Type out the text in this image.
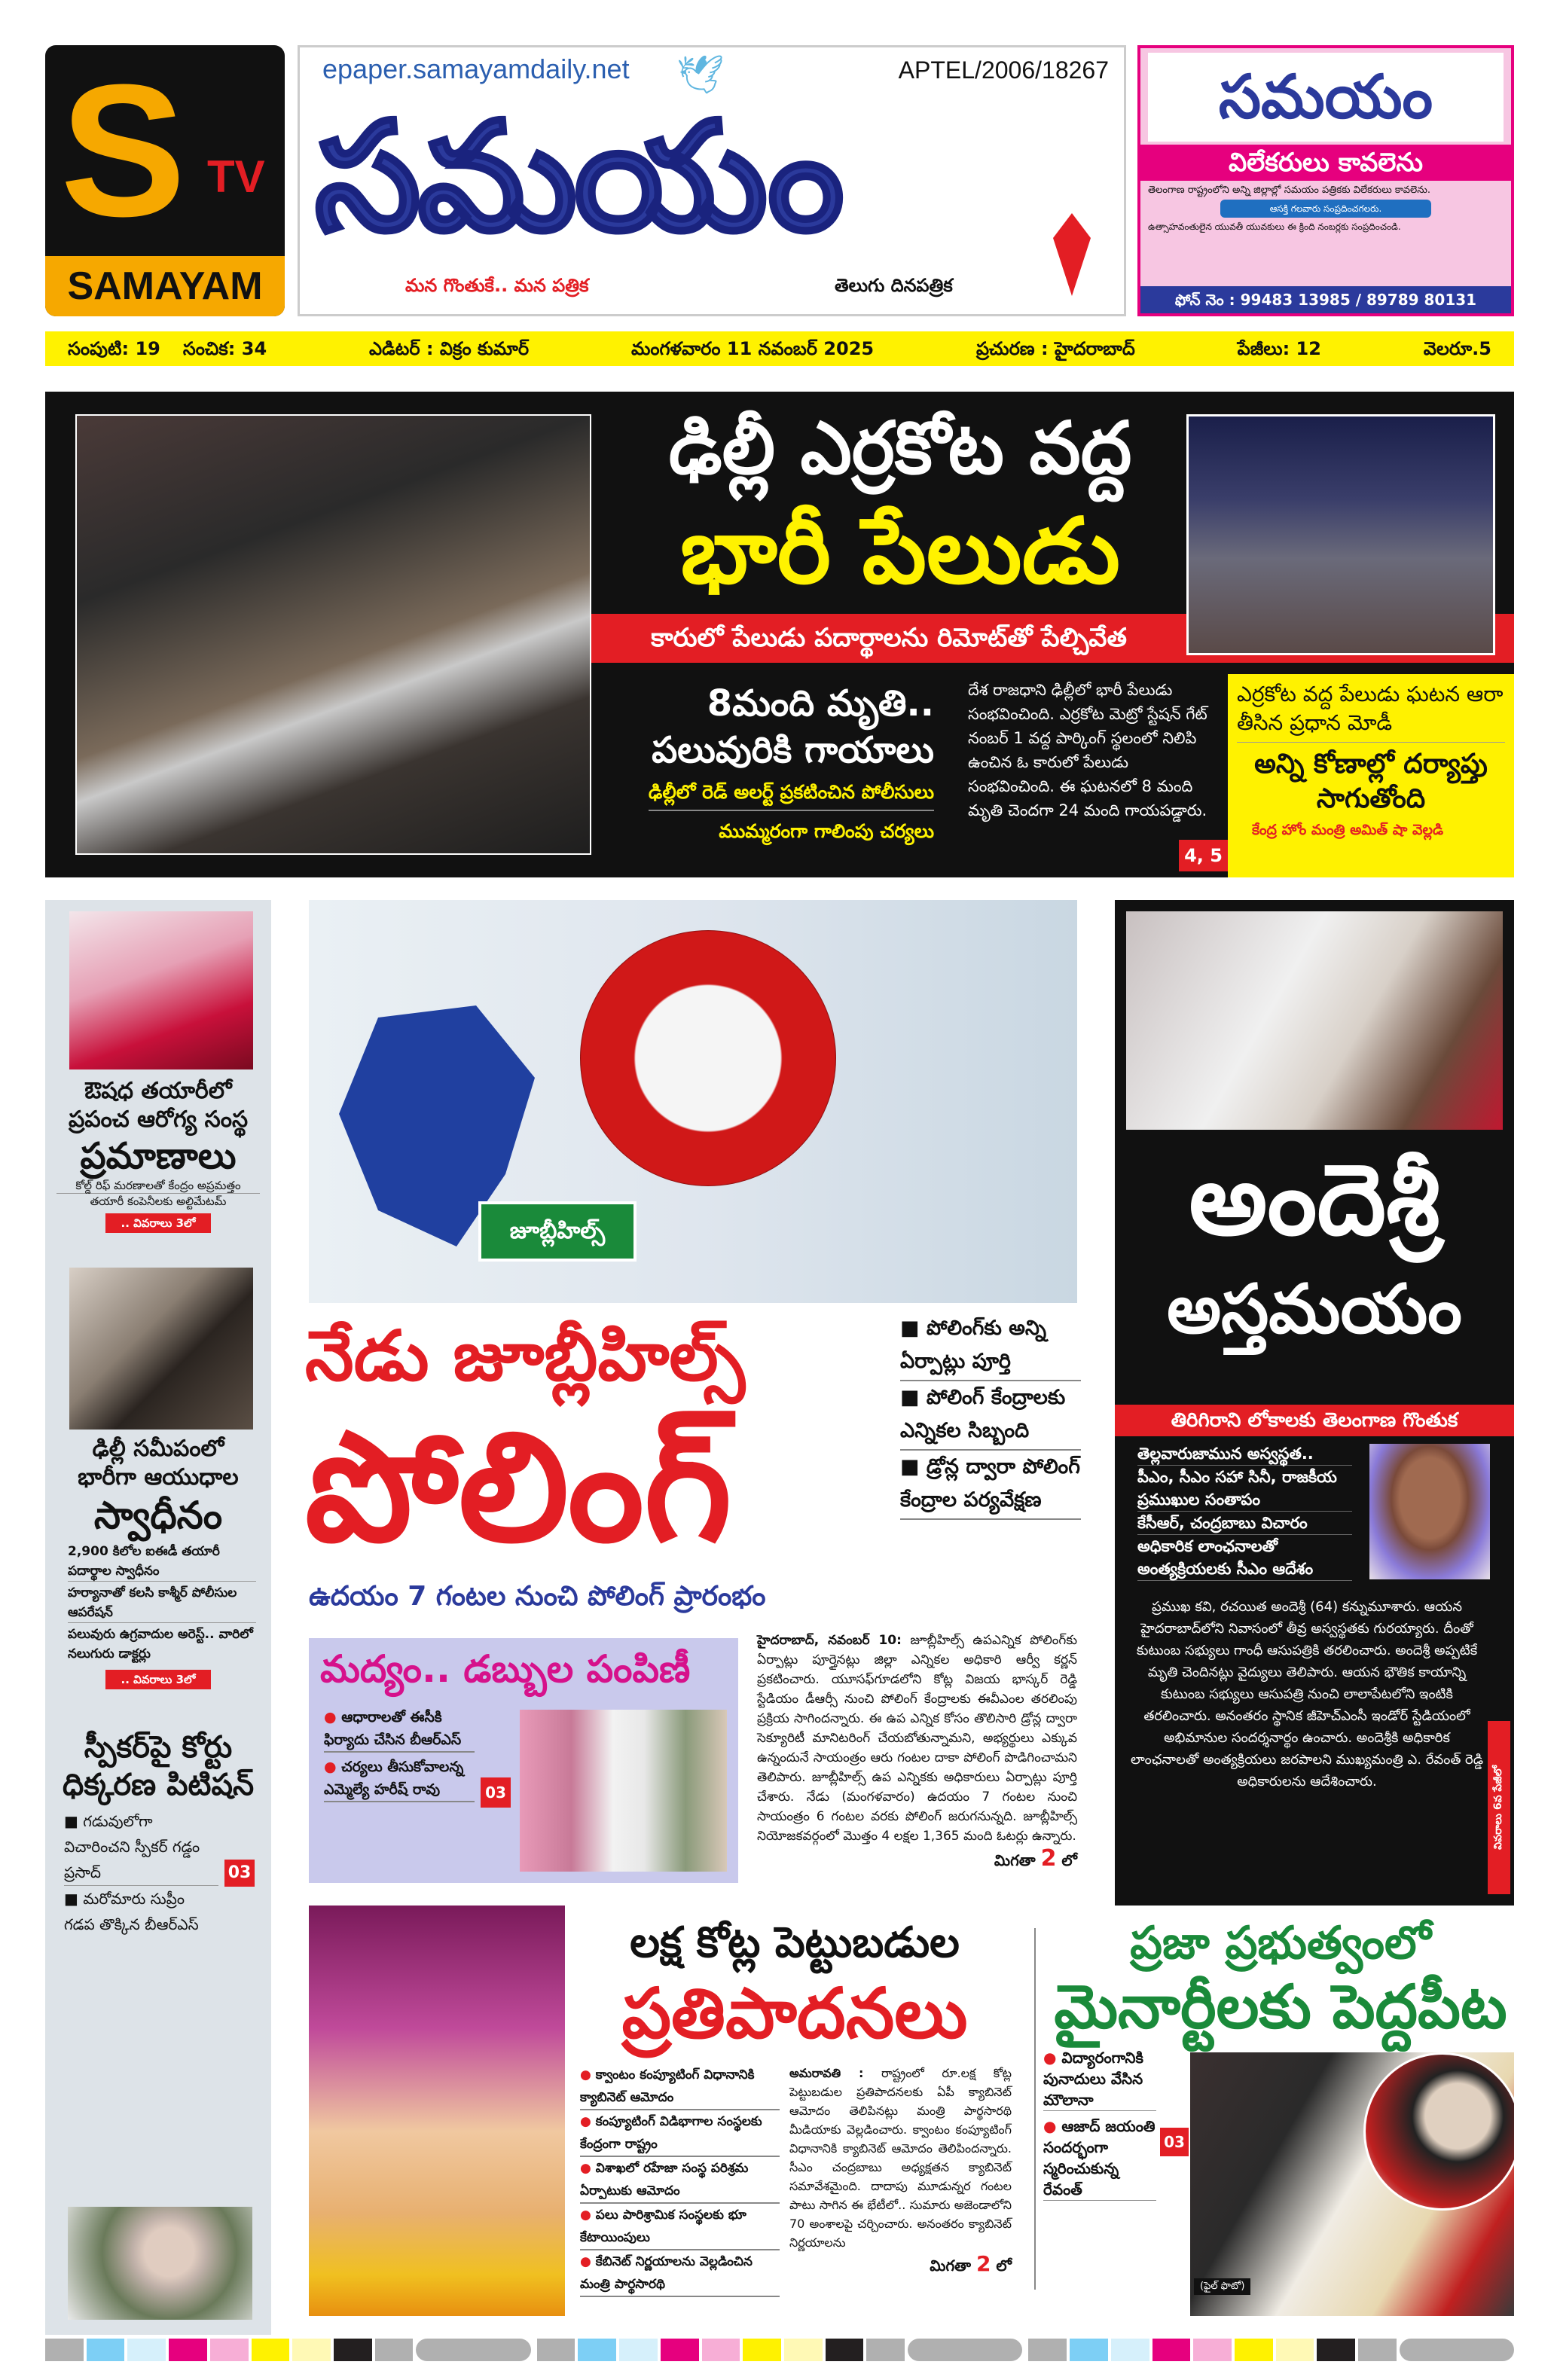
S TV
SAMAYAM
epaper.samayamdaily.net	APTEL/2006/18267
🕊
సమయం
మన గొంతుకే.. మన పత్రిక	తెలుగు దినపత్రిక
సమయం
విలేకరులు కావలెను
తెలంగాణ రాష్ట్రంలోని అన్ని జిల్లాల్లో సమయం పత్రికకు విలేకరులు కావలెను.
ఆసక్తి గలవారు సంప్రదించగలరు.
ఉత్సాహవంతులైన యువతీ యువకులు ఈ క్రింది నంబర్లకు సంప్రదించండి.
ఫోన్ నెం : 99483 13985 / 89789 80131
సంపుటి: 19 సంచిక: 34	ఎడిటర్ : విక్రం కుమార్	మంగళవారం 11 నవంబర్ 2025	ప్రచురణ : హైదరాబాద్	పేజీలు: 12	వెలరూ.5
ఢిల్లీ ఎర్రకోట వద్ద
భారీ పేలుడు
కారులో పేలుడు పదార్థాలను రిమోట్‌తో పేల్చివేత
8మంది మృతి..
పలువురికి గాయాలు
ఢిల్లీలో రెడ్ అలర్ట్ ప్రకటించిన పోలీసులు
ముమ్మరంగా గాలింపు చర్యలు
దేశ రాజధాని ఢిల్లీలో భారీ పేలుడు సంభవించింది. ఎర్రకోట మెట్రో స్టేషన్ గేట్ నంబర్ 1 వద్ద పార్కింగ్ స్థలంలో నిలిపి ఉంచిన ఓ కారులో పేలుడు సంభవించింది. ఈ ఘటనలో 8 మంది మృతి చెందగా 24 మంది గాయపడ్డారు.
ఎర్రకోట వద్ద పేలుడు ఘటన ఆరా తీసిన ప్రధాన మోడీ
అన్ని కోణాల్లో దర్యాప్తు సాగుతోంది
కేంద్ర హోం మంత్రి అమిత్ షా వెల్లడి
4, 5
ఔషధ తయారీలో
ప్రపంచ ఆరోగ్య సంస్థ
ప్రమాణాలు
కోల్డ్ రిఫ్ మరణాలతో కేంద్రం అప్రమత్తం
తయారీ కంపెనీలకు అల్టిమేటమ్
.. వివరాలు 3లో
ఢిల్లీ సమీపంలో
భారీగా ఆయుధాల
స్వాధీనం
2,900 కిలోల ఐఈడీ తయారీ పదార్థాల స్వాధీనం
హర్యానాతో కలసి కాశ్మీర్ పోలీసుల ఆపరేషన్
పలువురు ఉగ్రవాదుల అరెస్ట్.. వారిలో నలుగురు డాక్టర్లు
.. వివరాలు 3లో
స్పీకర్‌పై కోర్టు
ధిక్కరణ పిటిషన్
■ గడువులోగా విచారించని స్పీకర్ గడ్డం ప్రసాద్
■ మరోమారు సుప్రీం గడప తొక్కిన బీఆర్ఎస్
03
జూబ్లీహిల్స్
నేడు జూబ్లీహిల్స్
పోలింగ్
ఉదయం 7 గంటల నుంచి పోలింగ్ ప్రారంభం
■ పోలింగ్‌కు అన్ని ఏర్పాట్లు పూర్తి
■ పోలింగ్ కేంద్రాలకు ఎన్నికల సిబ్బంది
■ డ్రోన్ల ద్వారా పోలింగ్ కేంద్రాల పర్యవేక్షణ
హైదరాబాద్, నవంబర్ 10: జూబ్లీహిల్స్ ఉపఎన్నిక పోలింగ్‌కు ఏర్పాట్లు పూర్తైనట్లు జిల్లా ఎన్నికల అధికారి ఆర్వీ కర్ణన్ ప్రకటించారు. యూసఫ్‌గూడలోని కోట్ల విజయ భాస్కర్ రెడ్డి స్టేడియం డీఆర్సీ నుంచి పోలింగ్ కేంద్రాలకు ఈవీఎంల తరలింపు ప్రక్రియ సాగిందన్నారు. ఈ ఉప ఎన్నిక కోసం తొలిసారి డ్రోన్ల ద్వారా సెక్యూరిటీ మానిటరింగ్ చేయబోతున్నామని, అభ్యర్థులు ఎక్కువ ఉన్నందునే సాయంత్రం ఆరు గంటల దాకా పోలింగ్ పొడిగించామని తెలిపారు. జూబ్లీహిల్స్ ఉప ఎన్నికకు అధికారులు ఏర్పాట్లు పూర్తి చేశారు. నేడు (మంగళవారం) ఉదయం 7 గంటల నుంచి సాయంత్రం 6 గంటల వరకు పోలింగ్ జరుగనున్నది. జూబ్లీహిల్స్ నియోజకవర్గంలో మొత్తం 4 లక్షల 1,365 మంది ఓటర్లు ఉన్నారు.
మిగతా 2 లో
మద్యం.. డబ్బుల పంపిణీ
● ఆధారాలతో ఈసీకి ఫిర్యాదు చేసిన బీఆర్ఎస్
● చర్యలు తీసుకోవాలన్న ఎమ్మెల్యే హరీష్ రావు	03
అందెశ్రీ
అస్తమయం
తిరిగిరాని లోకాలకు తెలంగాణ గొంతుక
తెల్లవారుజామున అస్వస్థత..
పీఎం, సీఎం సహా సినీ, రాజకీయ ప్రముఖుల సంతాపం
కేసీఆర్, చంద్రబాబు విచారం
అధికారిక లాంఛనాలతో అంత్యక్రియలకు సీఎం ఆదేశం
ప్రముఖ కవి, రచయిత అందెశ్రీ (64) కన్నుమూశారు. ఆయన హైదరాబాద్‌లోని నివాసంలో తీవ్ర అస్వస్థతకు గురయ్యారు. దీంతో కుటుంబ సభ్యులు గాంధీ ఆసుపత్రికి తరలించారు. అందెశ్రీ అప్పటికే మృతి చెందినట్లు వైద్యులు తెలిపారు. ఆయన భౌతిక కాయాన్ని కుటుంబ సభ్యులు ఆసుపత్రి నుంచి లాలాపేటలోని ఇంటికి తరలించారు. అనంతరం స్థానిక జీహెచ్ఎంసీ ఇండోర్ స్టేడియంలో అభిమానుల సందర్శనార్థం ఉంచారు. అందెశ్రీకి అధికారిక లాంఛనాలతో అంత్యక్రియలు జరపాలని ముఖ్యమంత్రి ఎ. రేవంత్ రెడ్డి అధికారులను ఆదేశించారు.	వివరాలు 6వ పేజీలో
లక్ష కోట్ల పెట్టుబడుల
ప్రతిపాదనలు
● క్వాంటం కంప్యూటింగ్ విధానానికి క్యాబినెట్ ఆమోదం
● కంప్యూటింగ్ విడిభాగాల సంస్థలకు కేంద్రంగా రాష్ట్రం
● విశాఖలో రహేజా సంస్థ పరిశ్రమ ఏర్పాటుకు ఆమోదం
● పలు పారిశ్రామిక సంస్థలకు భూ కేటాయింపులు
● కేబినెట్ నిర్ణయాలను వెల్లడించిన మంత్రి పార్థసారథి
అమరావతి : రాష్ట్రంలో రూ.లక్ష కోట్ల పెట్టుబడుల ప్రతిపాదనలకు ఏపీ క్యాబినెట్ ఆమోదం తెలిపినట్లు మంత్రి పార్థసారథి మీడియాకు వెల్లడించారు. క్వాంటం కంప్యూటింగ్ విధానానికి క్యాబినెట్ ఆమోదం తెలిపిందన్నారు. సీఎం చంద్రబాబు అధ్యక్షతన క్యాబినెట్ సమావేశమైంది. దాదాపు మూడున్నర గంటల పాటు సాగిన ఈ భేటీలో.. సుమారు అజెండాలోని 70 అంశాలపై చర్చించారు. అనంతరం క్యాబినెట్ నిర్ణయాలను
మిగతా 2 లో
ప్రజా ప్రభుత్వంలో
మైనార్టీలకు పెద్దపీట
● విద్యారంగానికి పునాదులు వేసిన మౌలానా
● ఆజాద్ జయంతి సందర్భంగా స్మరించుకున్న రేవంత్
03
(ఫైల్ ఫొటో)
